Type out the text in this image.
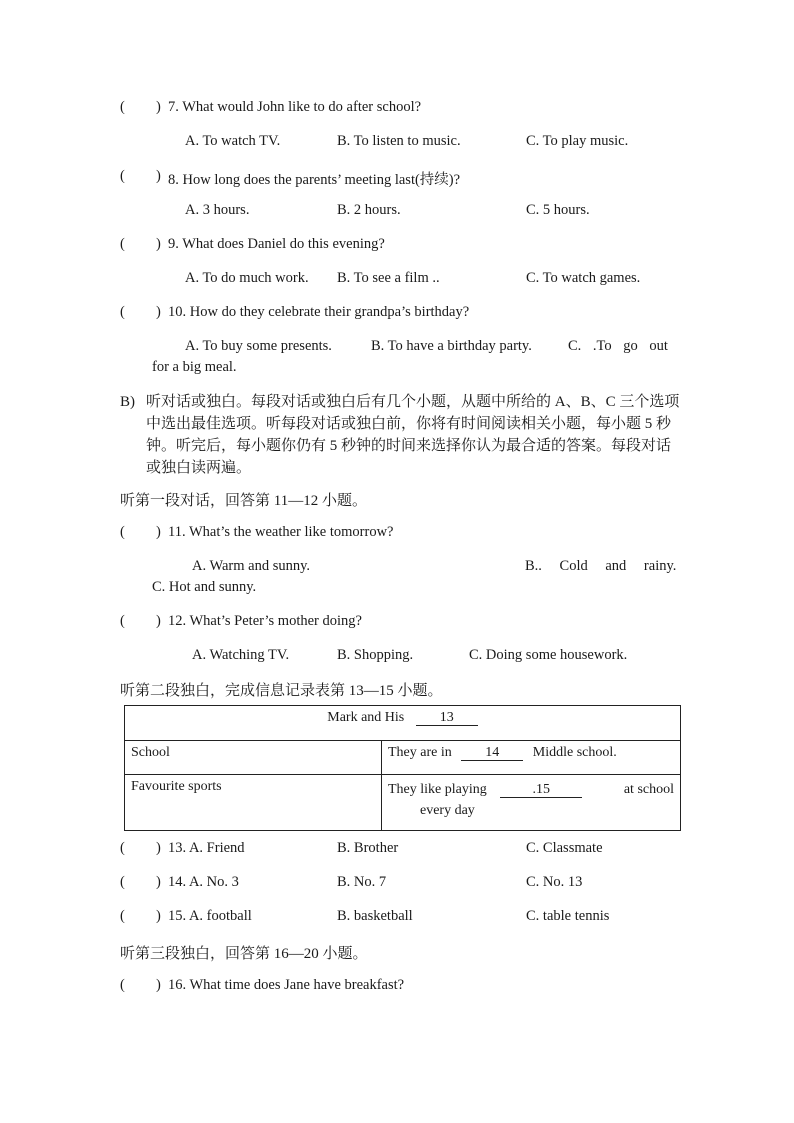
( ) 7. What would John like to do after school?
A. To watch TV.	B. To listen to music.	C. To play music.
( ) 8. How long does the parents’ meeting last(持续)?
A. 3 hours.	B. 2 hours.	C. 5 hours.
( ) 9. What does Daniel do this evening?
A. To do much work. B. To see a film ..	C. To watch games.
( ) 10. How do they celebrate their grandpa’s birthday?
A. To buy some presents.	B. To have a birthday party. C. .To go out
for a big meal.
B) 听对话或独白。每段对话或独白后有几个小题，从题中所给的 A、B、C 三个选项中选出最佳选项。听每段对话或独白前，你将有时间阅读相关小题，每小题 5 秒钟。听完后，每小题你仍有 5 秒钟的时间来选择你认为最合适的答案。每段对话或独白读两遍。
听第一段对话，回答第 11—12 小题。
( ) 11. What’s the weather like tomorrow?
A. Warm and sunny.	B.. Cold and rainy.
C. Hot and sunny.
( ) 12. What’s Peter’s mother doing?
A. Watching TV.	B. Shopping.	C. Doing some housework.
听第二段独白，完成信息记录表第 13—15 小题。
Mark and His 13	
School	They are in 14 Middle school.
Favourite sports	They like playing .15 at school

every day
( ) 13. A. Friend	B. Brother	C. Classmate
( ) 14. A. No. 3	B. No. 7	C. No. 13
( ) 15. A. football	B. basketball	C. table tennis
听第三段独白，回答第 16—20 小题。
( ) 16. What time does Jane have breakfast?
